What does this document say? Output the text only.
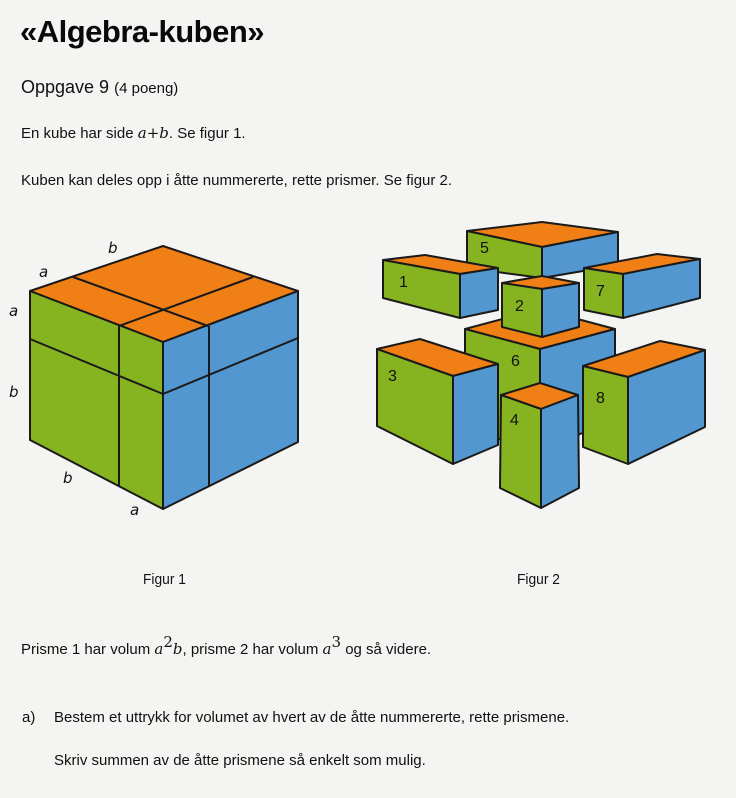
«Algebra-kuben»
Oppgave 9 (4 poeng)
En kube har side a+b. Se figur 1.
Kuben kan deles opp i åtte nummererte, rette prismer. Se figur 2.
b
a
a
b
b
a
1
2
3
4
5
6
7
8
Figur 1	Figur 2
Prisme 1 har volum $a^2b$, prisme 2 har volum $a^3$ og så videre.
a) Bestem et uttrykk for volumet av hvert av de åtte nummererte, rette prismene.
Skriv summen av de åtte prismene så enkelt som mulig.
